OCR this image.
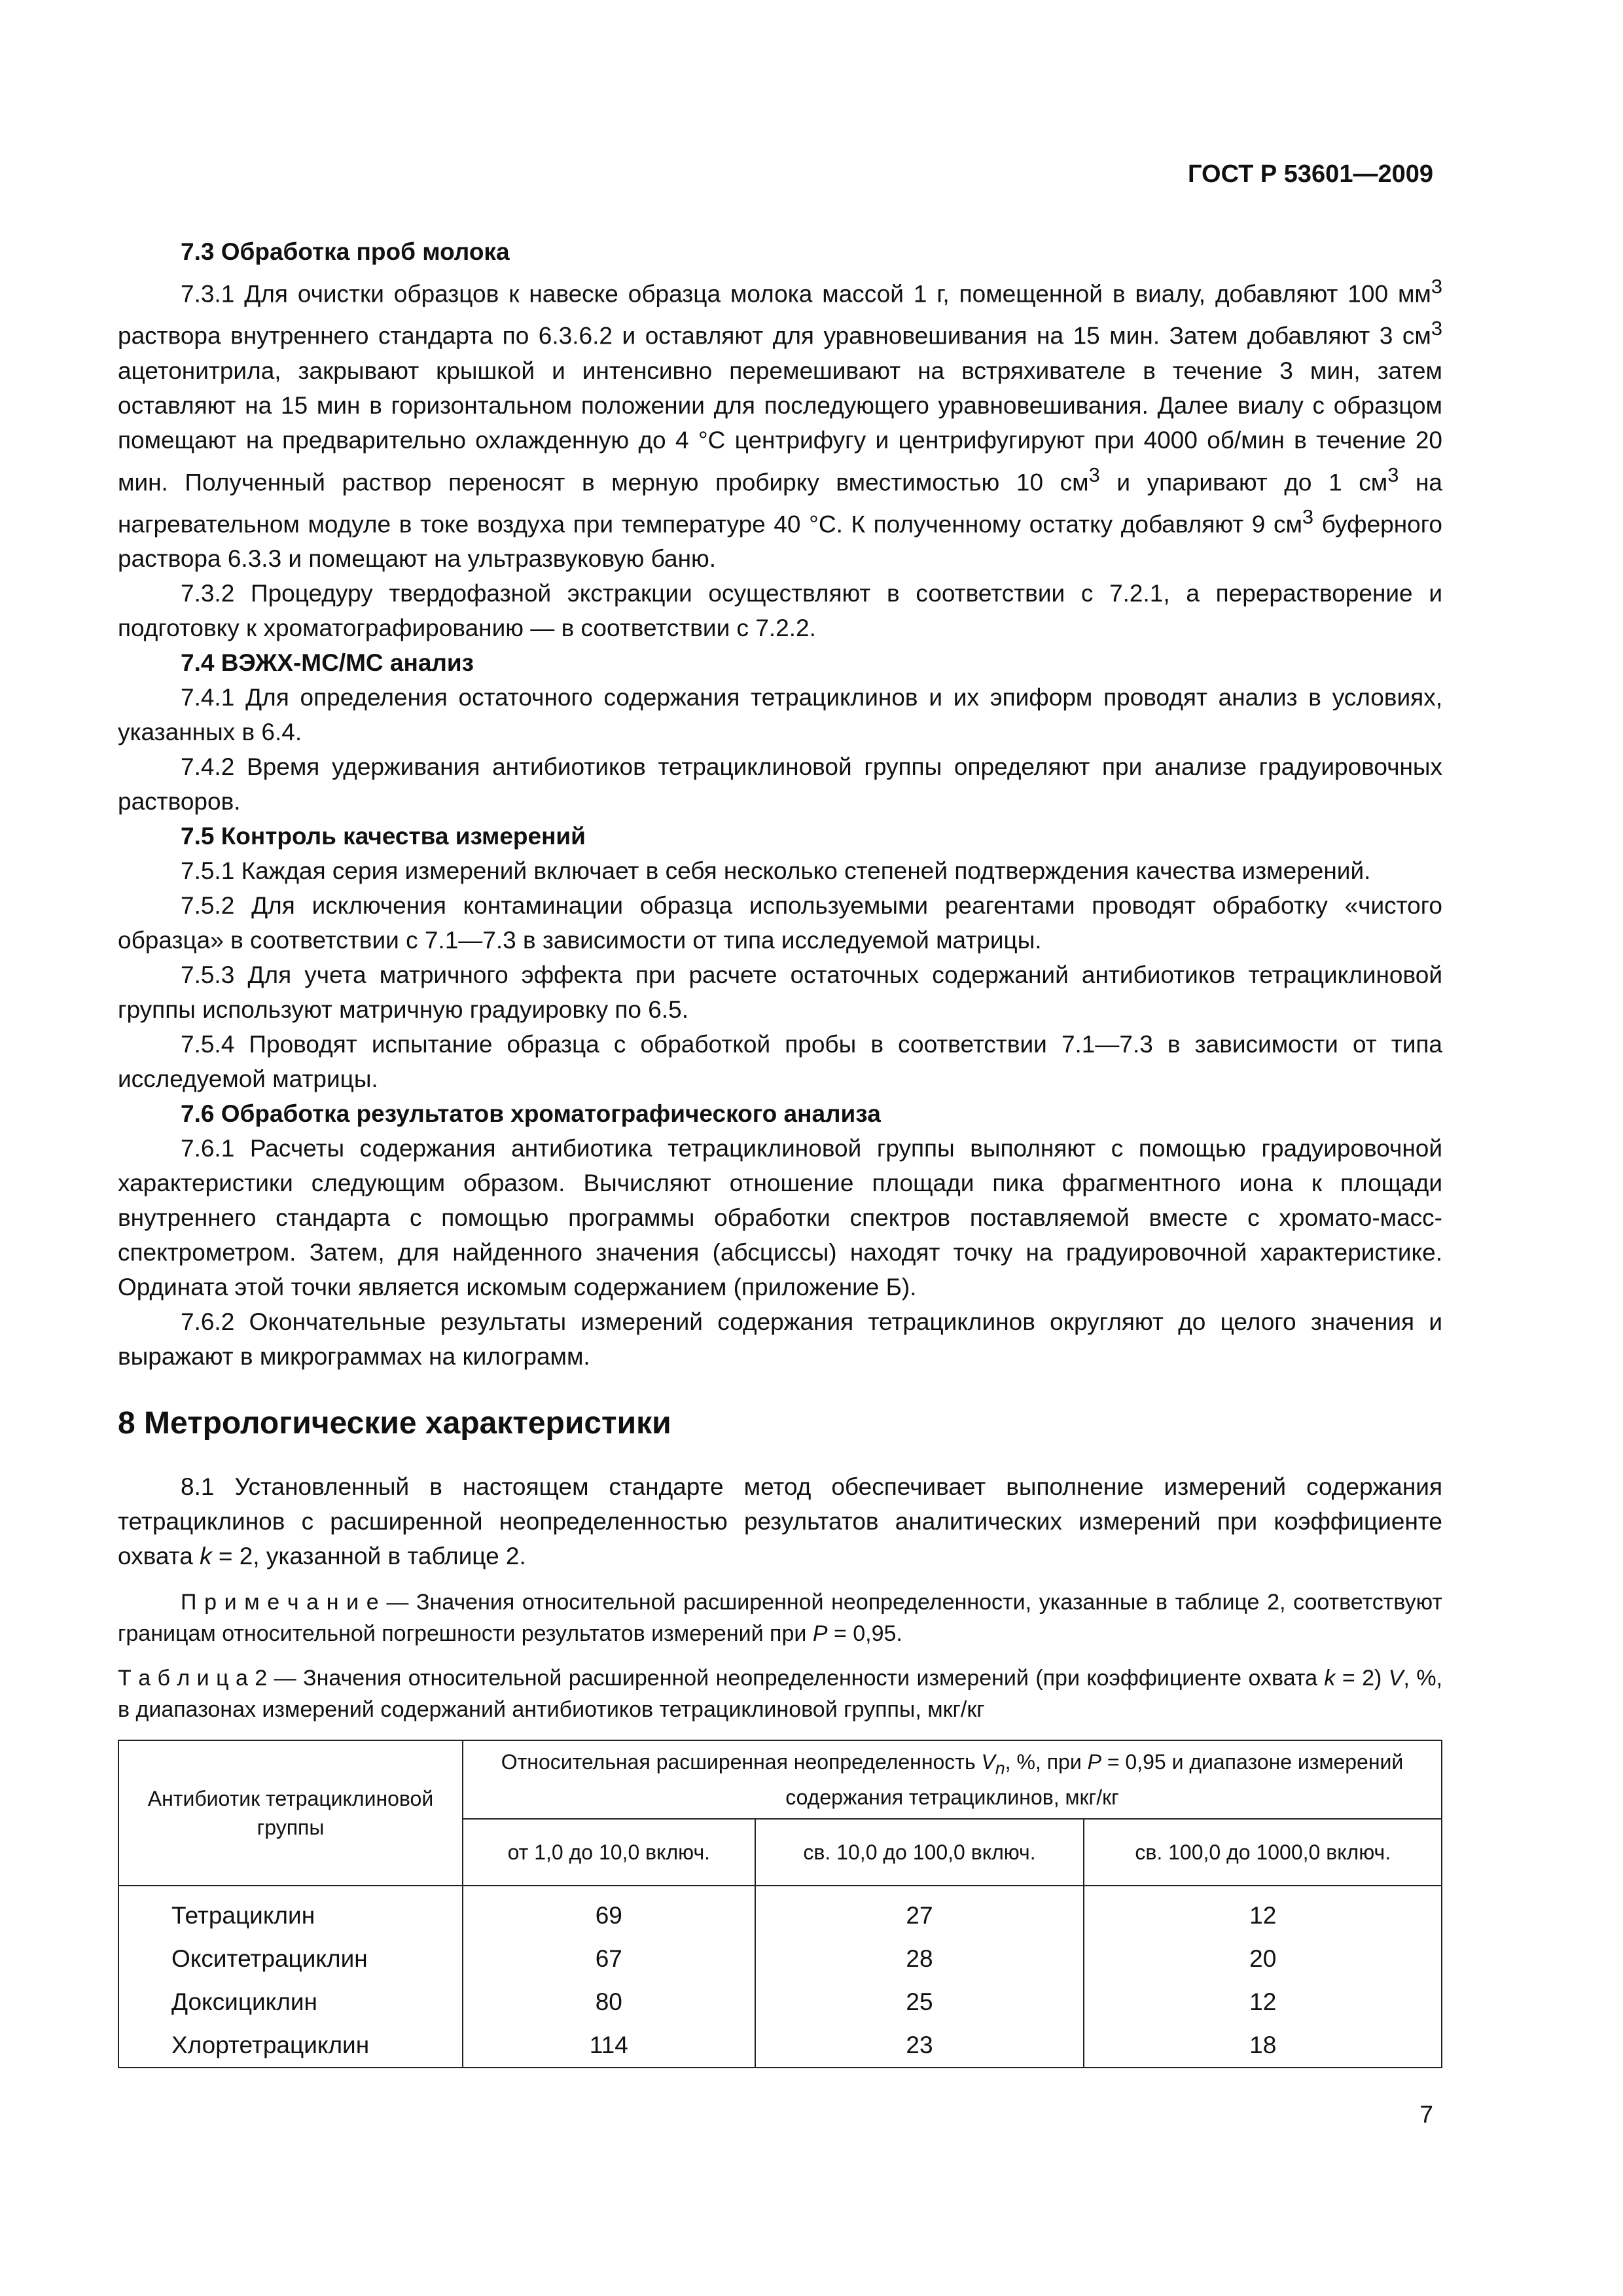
ГОСТ Р 53601—2009

7.3 Обработка проб молока

7.3.1 Для очистки образцов к навеске образца молока массой 1 г, помещенной в виалу, добавляют 100 $мм^3$ раствора внутреннего стандарта по 6.3.6.2 и оставляют для уравновешивания на 15 мин. Затем добавляют 3 $см^3$ ацетонитрила, закрывают крышкой и интенсивно перемешивают на встряхивателе в течение 3 мин, затем оставляют на 15 мин в горизонтальном положении для последующего уравновешивания. Далее виалу с образцом помещают на предварительно охлажденную до 4 °С центрифугу и центрифугируют при 4000 об/мин в течение 20 мин. Полученный раствор переносят в мерную пробирку вместимостью 10 $см^3$ и упаривают до 1 $см^3$ на нагревательном модуле в токе воздуха при температуре 40 °С. К полученному остатку добавляют 9 $см^3$ буферного раствора 6.3.3 и помещают на ультразвуковую баню.

7.3.2 Процедуру твердофазной экстракции осуществляют в соответствии с 7.2.1, а перерастворение и подготовку к хроматографированию — в соответствии с 7.2.2.

7.4 ВЭЖХ-МС/МС анализ

7.4.1 Для определения остаточного содержания тетрациклинов и их эпиформ проводят анализ в условиях, указанных в 6.4.

7.4.2 Время удерживания антибиотиков тетрациклиновой группы определяют при анализе градуировочных растворов.

7.5 Контроль качества измерений

7.5.1 Каждая серия измерений включает в себя несколько степеней подтверждения качества измерений.

7.5.2 Для исключения контаминации образца используемыми реагентами проводят обработку «чистого образца» в соответствии с 7.1—7.3 в зависимости от типа исследуемой матрицы.

7.5.3 Для учета матричного эффекта при расчете остаточных содержаний антибиотиков тетрациклиновой группы используют матричную градуировку по 6.5.

7.5.4 Проводят испытание образца с обработкой пробы в соответствии 7.1—7.3 в зависимости от типа исследуемой матрицы.

7.6 Обработка результатов хроматографического анализа

7.6.1 Расчеты содержания антибиотика тетрациклиновой группы выполняют с помощью градуировочной характеристики следующим образом. Вычисляют отношение площади пика фрагментного иона к площади внутреннего стандарта с помощью программы обработки спектров поставляемой вместе с хромато-масс-спектрометром. Затем, для найденного значения (абсциссы) находят точку на градуировочной характеристике. Ордината этой точки является искомым содержанием (приложение Б).

7.6.2 Окончательные результаты измерений содержания тетрациклинов округляют до целого значения и выражают в микрограммах на килограмм.

8 Метрологические характеристики

8.1 Установленный в настоящем стандарте метод обеспечивает выполнение измерений содержания тетрациклинов с расширенной неопределенностью результатов аналитических измерений при коэффициенте охвата k = 2, указанной в таблице 2.

П р и м е ч а н и е — Значения относительной расширенной неопределенности, указанные в таблице 2, соответствуют границам относительной погрешности результатов измерений при P = 0,95.

Т а б л и ц а 2 — Значения относительной расширенной неопределенности измерений (при коэффициенте охвата k = 2) V, %, в диапазонах измерений содержаний антибиотиков тетрациклиновой группы, мкг/кг

Антибиотик тетрациклиновой группы	Относительная расширенная неопределенность $V_n$, %, при P = 0,95 и диапазоне измерений содержания тетрациклинов, мкг/кг		
	от 1,0 до 10,0 включ.	св. 10,0 до 100,0 включ.	св. 100,0 до 1000,0 включ.
Тетрациклин	69	27	12
Окситетрациклин	67	28	20
Доксициклин	80	25	12
Хлортетрациклин	114	23	18
7
